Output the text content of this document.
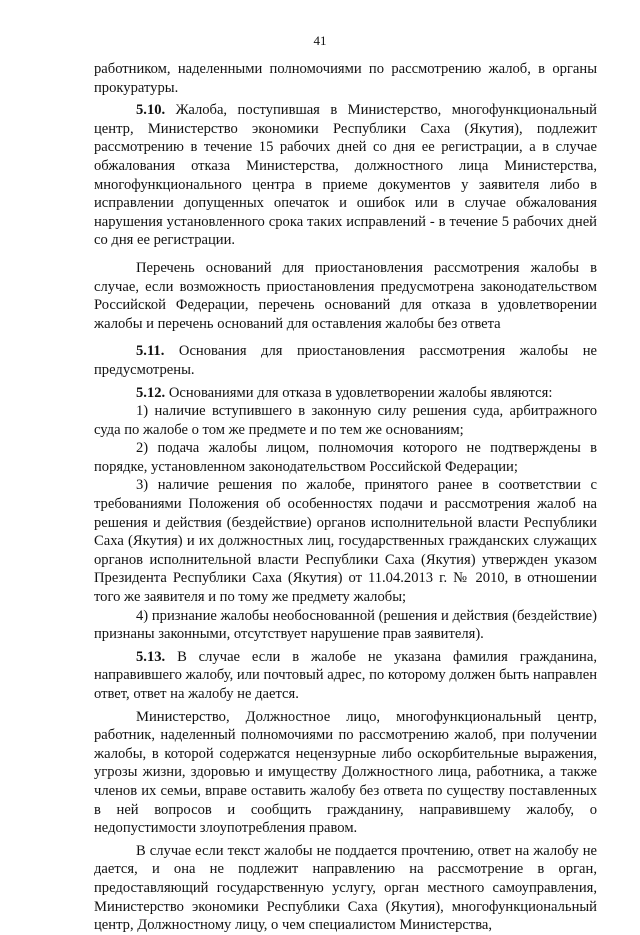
41

работником, наделенными полномочиями по рассмотрению жалоб, в органы прокуратуры.

5.10. Жалоба, поступившая в Министерство, многофункциональный центр, Министерство экономики Республики Саха (Якутия), подлежит рассмотрению в течение 15 рабочих дней со дня ее регистрации, а в случае обжалования отказа Министерства, должностного лица Министерства, многофункционального центра в приеме документов у заявителя либо в исправлении допущенных опечаток и ошибок или в случае обжалования нарушения установленного срока таких исправлений - в течение 5 рабочих дней со дня ее регистрации.

Перечень оснований для приостановления рассмотрения жалобы в случае, если возможность приостановления предусмотрена законодательством Российской Федерации, перечень оснований для отказа в удовлетворении жалобы и перечень оснований для оставления жалобы без ответа

5.11. Основания для приостановления рассмотрения жалобы не предусмотрены.

5.12. Основаниями для отказа в удовлетворении жалобы являются:

1) наличие вступившего в законную силу решения суда, арбитражного суда по жалобе о том же предмете и по тем же основаниям;

2) подача жалобы лицом, полномочия которого не подтверждены в порядке, установленном законодательством Российской Федерации;

3) наличие решения по жалобе, принятого ранее в соответствии с требованиями Положения об особенностях подачи и рассмотрения жалоб на решения и действия (бездействие) органов исполнительной власти Республики Саха (Якутия) и их должностных лиц, государственных гражданских служащих органов исполнительной власти Республики Саха (Якутия) утвержден указом Президента Республики Саха (Якутия) от 11.04.2013 г. № 2010, в отношении того же заявителя и по тому же предмету жалобы;

4) признание жалобы необоснованной (решения и действия (бездействие) признаны законными, отсутствует нарушение прав заявителя).

5.13. В случае если в жалобе не указана фамилия гражданина, направившего жалобу, или почтовый адрес, по которому должен быть направлен ответ, ответ на жалобу не дается.

Министерство, Должностное лицо, многофункциональный центр, работник, наделенный полномочиями по рассмотрению жалоб, при получении жалобы, в которой содержатся нецензурные либо оскорбительные выражения, угрозы жизни, здоровью и имуществу Должностного лица, работника, а также членов их семьи, вправе оставить жалобу без ответа по существу поставленных в ней вопросов и сообщить гражданину, направившему жалобу, о недопустимости злоупотребления правом.

В случае если текст жалобы не поддается прочтению, ответ на жалобу не дается, и она не подлежит направлению на рассмотрение в орган, предоставляющий государственную услугу, орган местного самоуправления, Министерство экономики Республики Саха (Якутия), многофункциональный центр, Должностному лицу, о чем специалистом Министерства,
